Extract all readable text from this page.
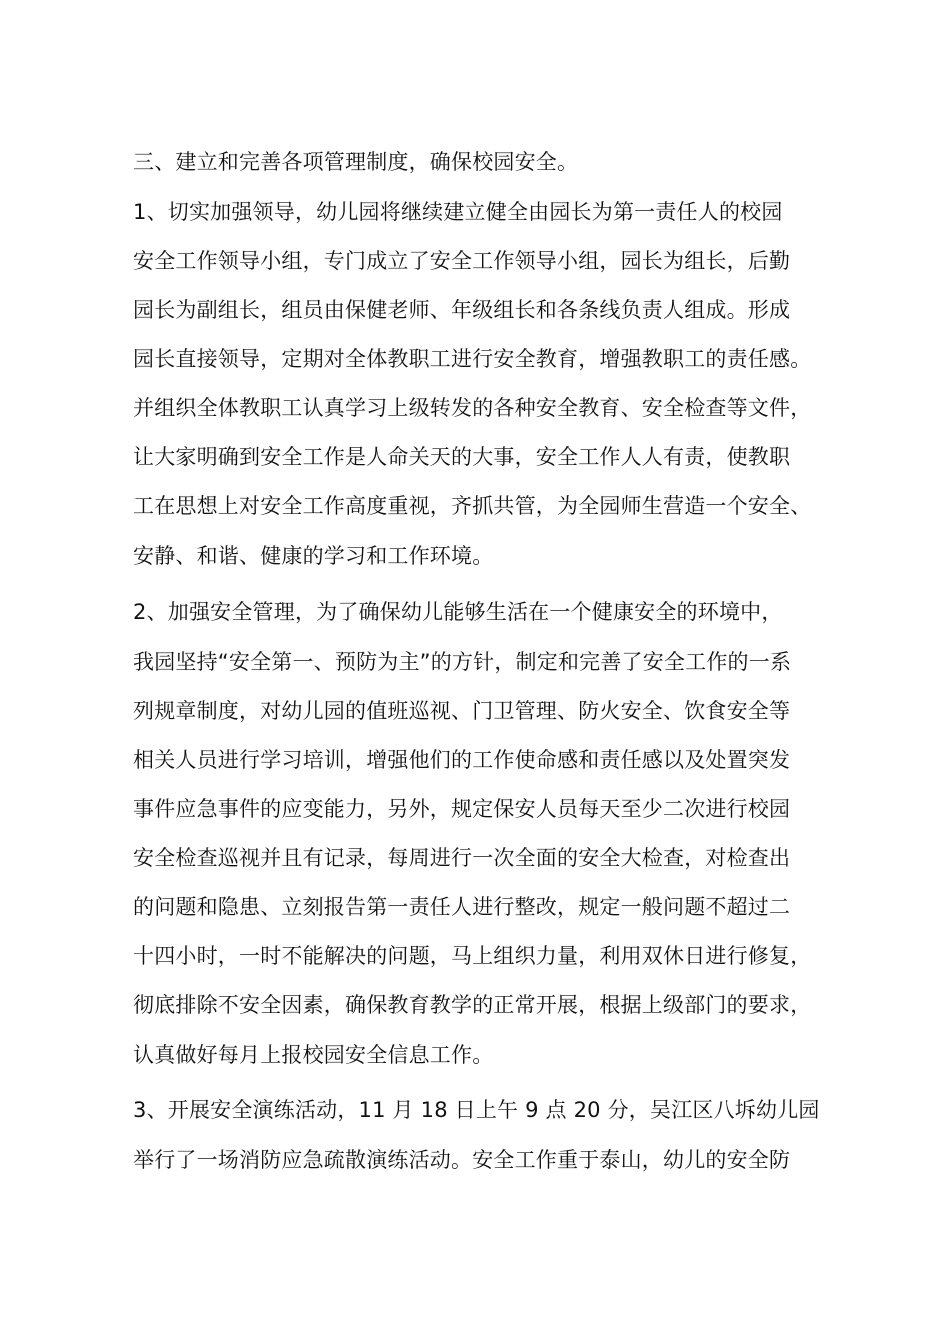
三、建立和完善各项管理制度，确保校园安全。
1、切实加强领导，幼儿园将继续建立健全由园长为第一责任人的校园
安全工作领导小组，专门成立了安全工作领导小组，园长为组长，后勤
园长为副组长，组员由保健老师、年级组长和各条线负责人组成。形成
园长直接领导，定期对全体教职工进行安全教育，增强教职工的责任感。
并组织全体教职工认真学习上级转发的各种安全教育、安全检查等文件，
让大家明确到安全工作是人命关天的大事，安全工作人人有责，使教职
工在思想上对安全工作高度重视，齐抓共管，为全园师生营造一个安全、
安静、和谐、健康的学习和工作环境。
2、加强安全管理，为了确保幼儿能够生活在一个健康安全的环境中，
我园坚持“安全第一、预防为主”的方针，制定和完善了安全工作的一系
列规章制度，对幼儿园的值班巡视、门卫管理、防火安全、饮食安全等
相关人员进行学习培训，增强他们的工作使命感和责任感以及处置突发
事件应急事件的应变能力，另外，规定保安人员每天至少二次进行校园
安全检查巡视并且有记录，每周进行一次全面的安全大检查，对检查出
的问题和隐患、立刻报告第一责任人进行整改，规定一般问题不超过二
十四小时，一时不能解决的问题，马上组织力量，利用双休日进行修复，
彻底排除不安全因素，确保教育教学的正常开展，根据上级部门的要求，
认真做好每月上报校园安全信息工作。
3、开展安全演练活动，11 月 18 日上午 9 点 20 分，吴江区八坼幼儿园
举行了一场消防应急疏散演练活动。安全工作重于泰山，幼儿的安全防
